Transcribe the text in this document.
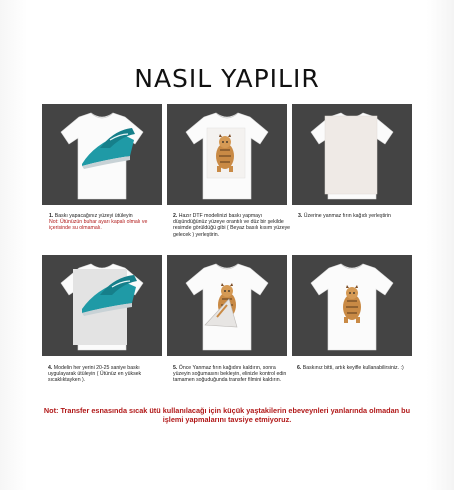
NASIL YAPILIR
1. Baskı yapacağınız yüzeyi ütüleyin
Not: Ütünüzün buhar ayarı kapalı olmalı ve içerisinde su olmamalı.
2. Hazır DTF modelinizi baskı yapmayı düşündüğünüz yüzeye orantılı ve düz bir şekilde resimde görüldüğü gibi ( Beyaz basılı kısım yüzeye gelecek ) yerleştirin.
3. Üzerine yanmaz fırın kağıdı yerleştirin
4. Modelin her yerini 20-25 saniye baskı uygulayarak ütüleyin ( Ütünüz en yüksek sıcaklıktayken ).
5. Önce Yanmaz fırın kağıdını kaldırın, sonra yüzeyin soğumasını bekleyin, elinizle kontrol edin tamamen soğuduğunda transfer filmini kaldırın.
6. Baskınız bitti, artık keyifle kullanabilirsiniz. :)
Not: Transfer esnasında sıcak ütü kullanılacağı için küçük yaştakilerin ebeveynleri yanlarında olmadan bu işlemi yapmalarını tavsiye etmiyoruz.
